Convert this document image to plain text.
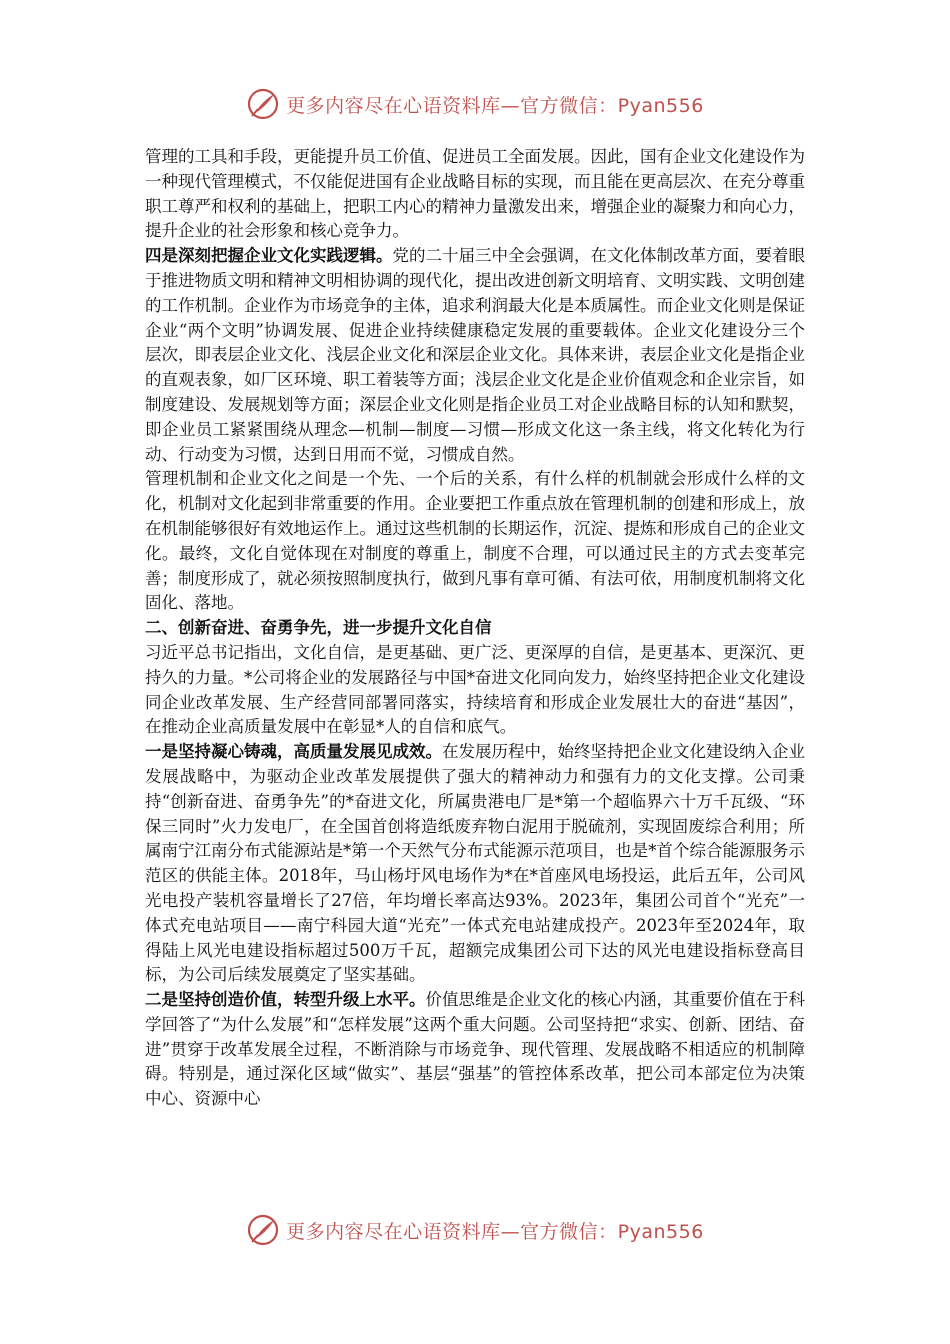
更多内容尽在心语资料库—官方微信：Pyan556

管理的工具和手段，更能提升员工价值、促进员工全面发展。因此，国有企业文化建设作为一种现代管理模式，不仅能促进国有企业战略目标的实现，而且能在更高层次、在充分尊重职工尊严和权利的基础上，把职工内心的精神力量激发出来，增强企业的凝聚力和向心力，提升企业的社会形象和核心竞争力。

四是深刻把握企业文化实践逻辑。党的二十届三中全会强调，在文化体制改革方面，要着眼于推进物质文明和精神文明相协调的现代化，提出改进创新文明培育、文明实践、文明创建的工作机制。企业作为市场竞争的主体，追求利润最大化是本质属性。而企业文化则是保证企业“两个文明”协调发展、促进企业持续健康稳定发展的重要载体。企业文化建设分三个层次，即表层企业文化、浅层企业文化和深层企业文化。具体来讲，表层企业文化是指企业的直观表象，如厂区环境、职工着装等方面；浅层企业文化是企业价值观念和企业宗旨，如制度建设、发展规划等方面；深层企业文化则是指企业员工对企业战略目标的认知和默契，即企业员工紧紧围绕从理念—机制—制度—习惯—形成文化这一条主线，将文化转化为行动、行动变为习惯，达到日用而不觉，习惯成自然。

管理机制和企业文化之间是一个先、一个后的关系，有什么样的机制就会形成什么样的文化，机制对文化起到非常重要的作用。企业要把工作重点放在管理机制的创建和形成上，放在机制能够很好有效地运作上。通过这些机制的长期运作，沉淀、提炼和形成自己的企业文化。最终，文化自觉体现在对制度的尊重上，制度不合理，可以通过民主的方式去变革完善；制度形成了，就必须按照制度执行，做到凡事有章可循、有法可依，用制度机制将文化固化、落地。

二、创新奋进、奋勇争先，进一步提升文化自信

习近平总书记指出，文化自信，是更基础、更广泛、更深厚的自信，是更基本、更深沉、更持久的力量。*公司将企业的发展路径与中国*奋进文化同向发力，始终坚持把企业文化建设同企业改革发展、生产经营同部署同落实，持续培育和形成企业发展壮大的奋进“基因”，在推动企业高质量发展中在彰显*人的自信和底气。

一是坚持凝心铸魂，高质量发展见成效。在发展历程中，始终坚持把企业文化建设纳入企业发展战略中，为驱动企业改革发展提供了强大的精神动力和强有力的文化支撑。公司秉持“创新奋进、奋勇争先”的*奋进文化，所属贵港电厂是*第一个超临界六十万千瓦级、“环保三同时”火力发电厂，在全国首创将造纸废弃物白泥用于脱硫剂，实现固废综合利用；所属南宁江南分布式能源站是*第一个天然气分布式能源示范项目，也是*首个综合能源服务示范区的供能主体。2018年，马山杨圩风电场作为*在*首座风电场投运，此后五年，公司风光电投产装机容量增长了27倍，年均增长率高达93%。2023年，集团公司首个“光充”一体式充电站项目——南宁科园大道“光充”一体式充电站建成投产。2023年至2024年，取得陆上风光电建设指标超过500万千瓦，超额完成集团公司下达的风光电建设指标登高目标，为公司后续发展奠定了坚实基础。

二是坚持创造价值，转型升级上水平。价值思维是企业文化的核心内涵，其重要价值在于科学回答了“为什么发展”和“怎样发展”这两个重大问题。公司坚持把“求实、创新、团结、奋进”贯穿于改革发展全过程，不断消除与市场竞争、现代管理、发展战略不相适应的机制障碍。特别是，通过深化区域“做实”、基层“强基”的管控体系改革，把公司本部定位为决策中心、资源中心

更多内容尽在心语资料库—官方微信：Pyan556
